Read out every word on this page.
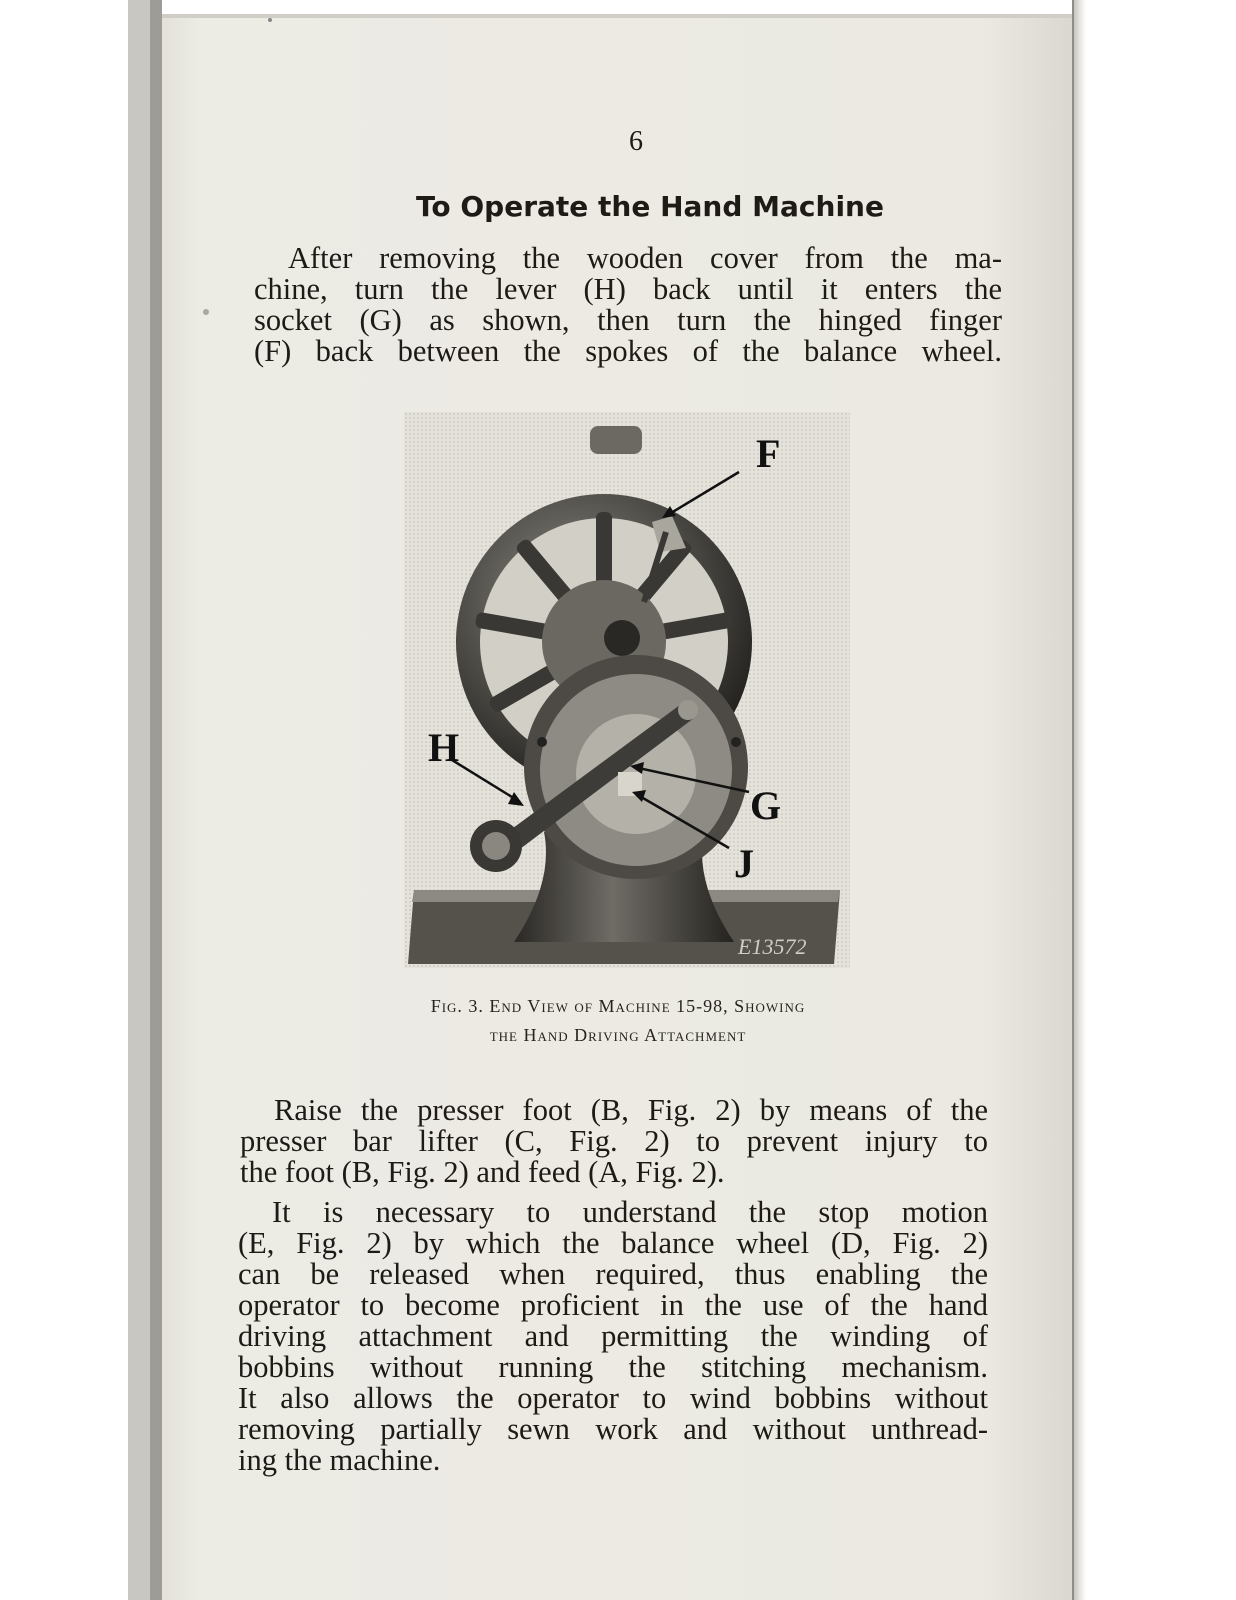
6
To Operate the Hand Machine
After removing the wooden cover from the ma-
chine, turn the lever (H) back until it enters the
socket (G) as shown, then turn the hinged finger
(F) back between the spokes of the balance wheel.
E13572
F
H
G
J
Fig. 3. End View of Machine 15-98, Showing
the Hand Driving Attachment
Raise the presser foot (B, Fig. 2) by means of the
presser bar lifter (C, Fig. 2) to prevent injury to
the foot (B, Fig. 2) and feed (A, Fig. 2).
It is necessary to understand the stop motion
(E, Fig. 2) by which the balance wheel (D, Fig. 2)
can be released when required, thus enabling the
operator to become proficient in the use of the hand
driving attachment and permitting the winding of
bobbins without running the stitching mechanism.
It also allows the operator to wind bobbins without
removing partially sewn work and without unthread-
ing the machine.
